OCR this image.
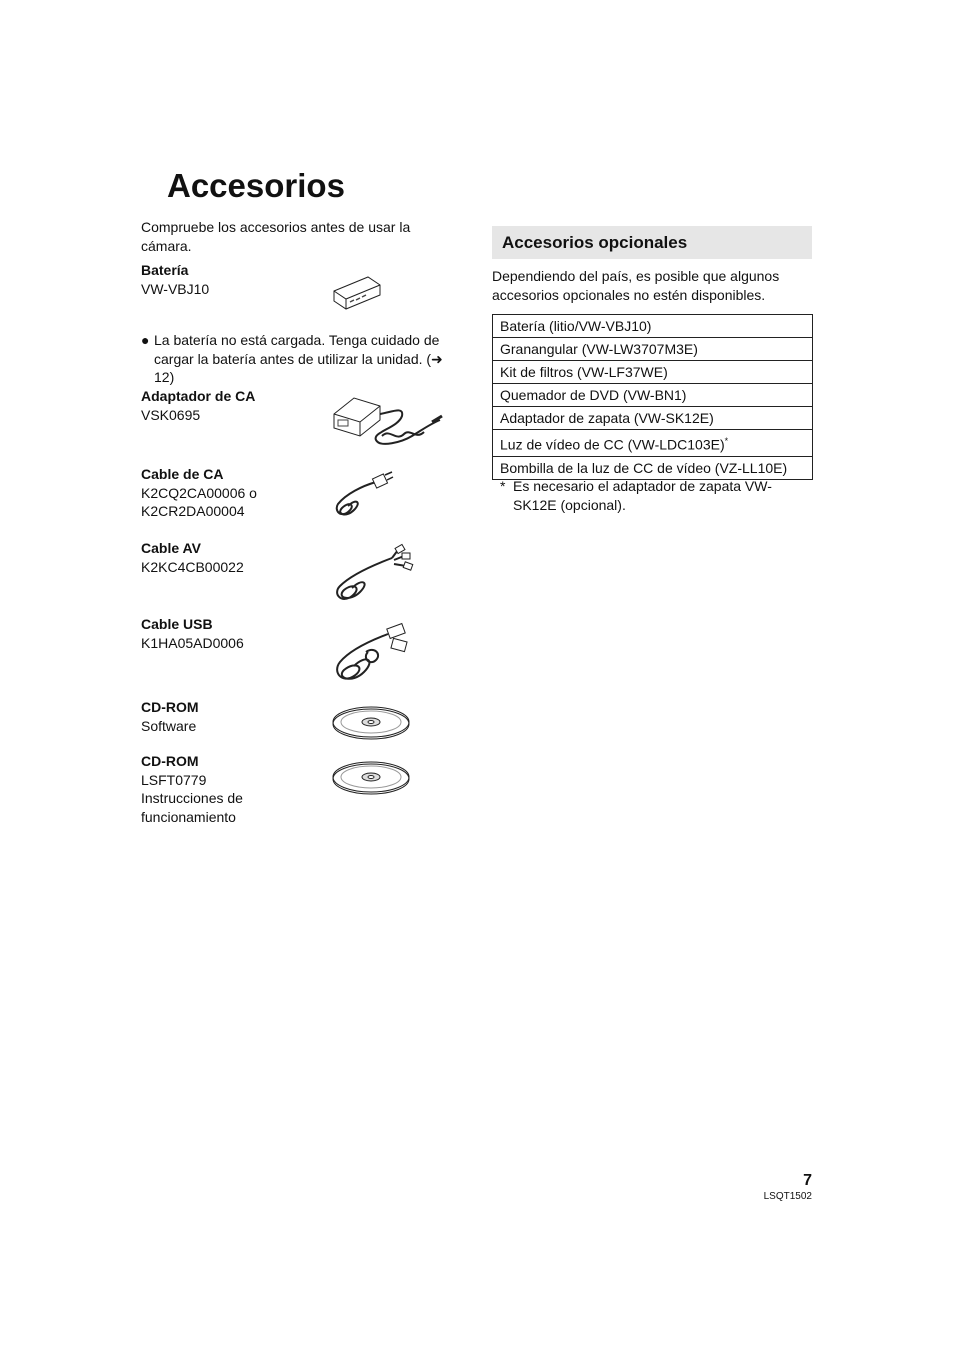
Accesorios
Compruebe los accesorios antes de usar la cámara.
Batería
VW-VBJ10
● La batería no está cargada. Tenga cuidado de cargar la batería antes de utilizar la unidad. (➜ 12)
Adaptador de CA
VSK0695
Cable de CA
K2CQ2CA00006 o
K2CR2DA00004
Cable AV
K2KC4CB00022
Cable USB
K1HA05AD0006
CD-ROM
Software
CD-ROM
LSFT0779
Instrucciones de
funcionamiento
Accesorios opcionales
Dependiendo del país, es posible que algunos accesorios opcionales no estén disponibles.
Batería (litio/VW-VBJ10)
Granangular (VW-LW3707M3E)
Kit de filtros (VW-LF37WE)
Quemador de DVD (VW-BN1)
Adaptador de zapata (VW-SK12E)
Luz de vídeo de CC (VW-LDC103E)*
Bombilla de la luz de CC de vídeo (VZ-LL10E)
* Es necesario el adaptador de zapata VW-SK12E (opcional).
7
LSQT1502
